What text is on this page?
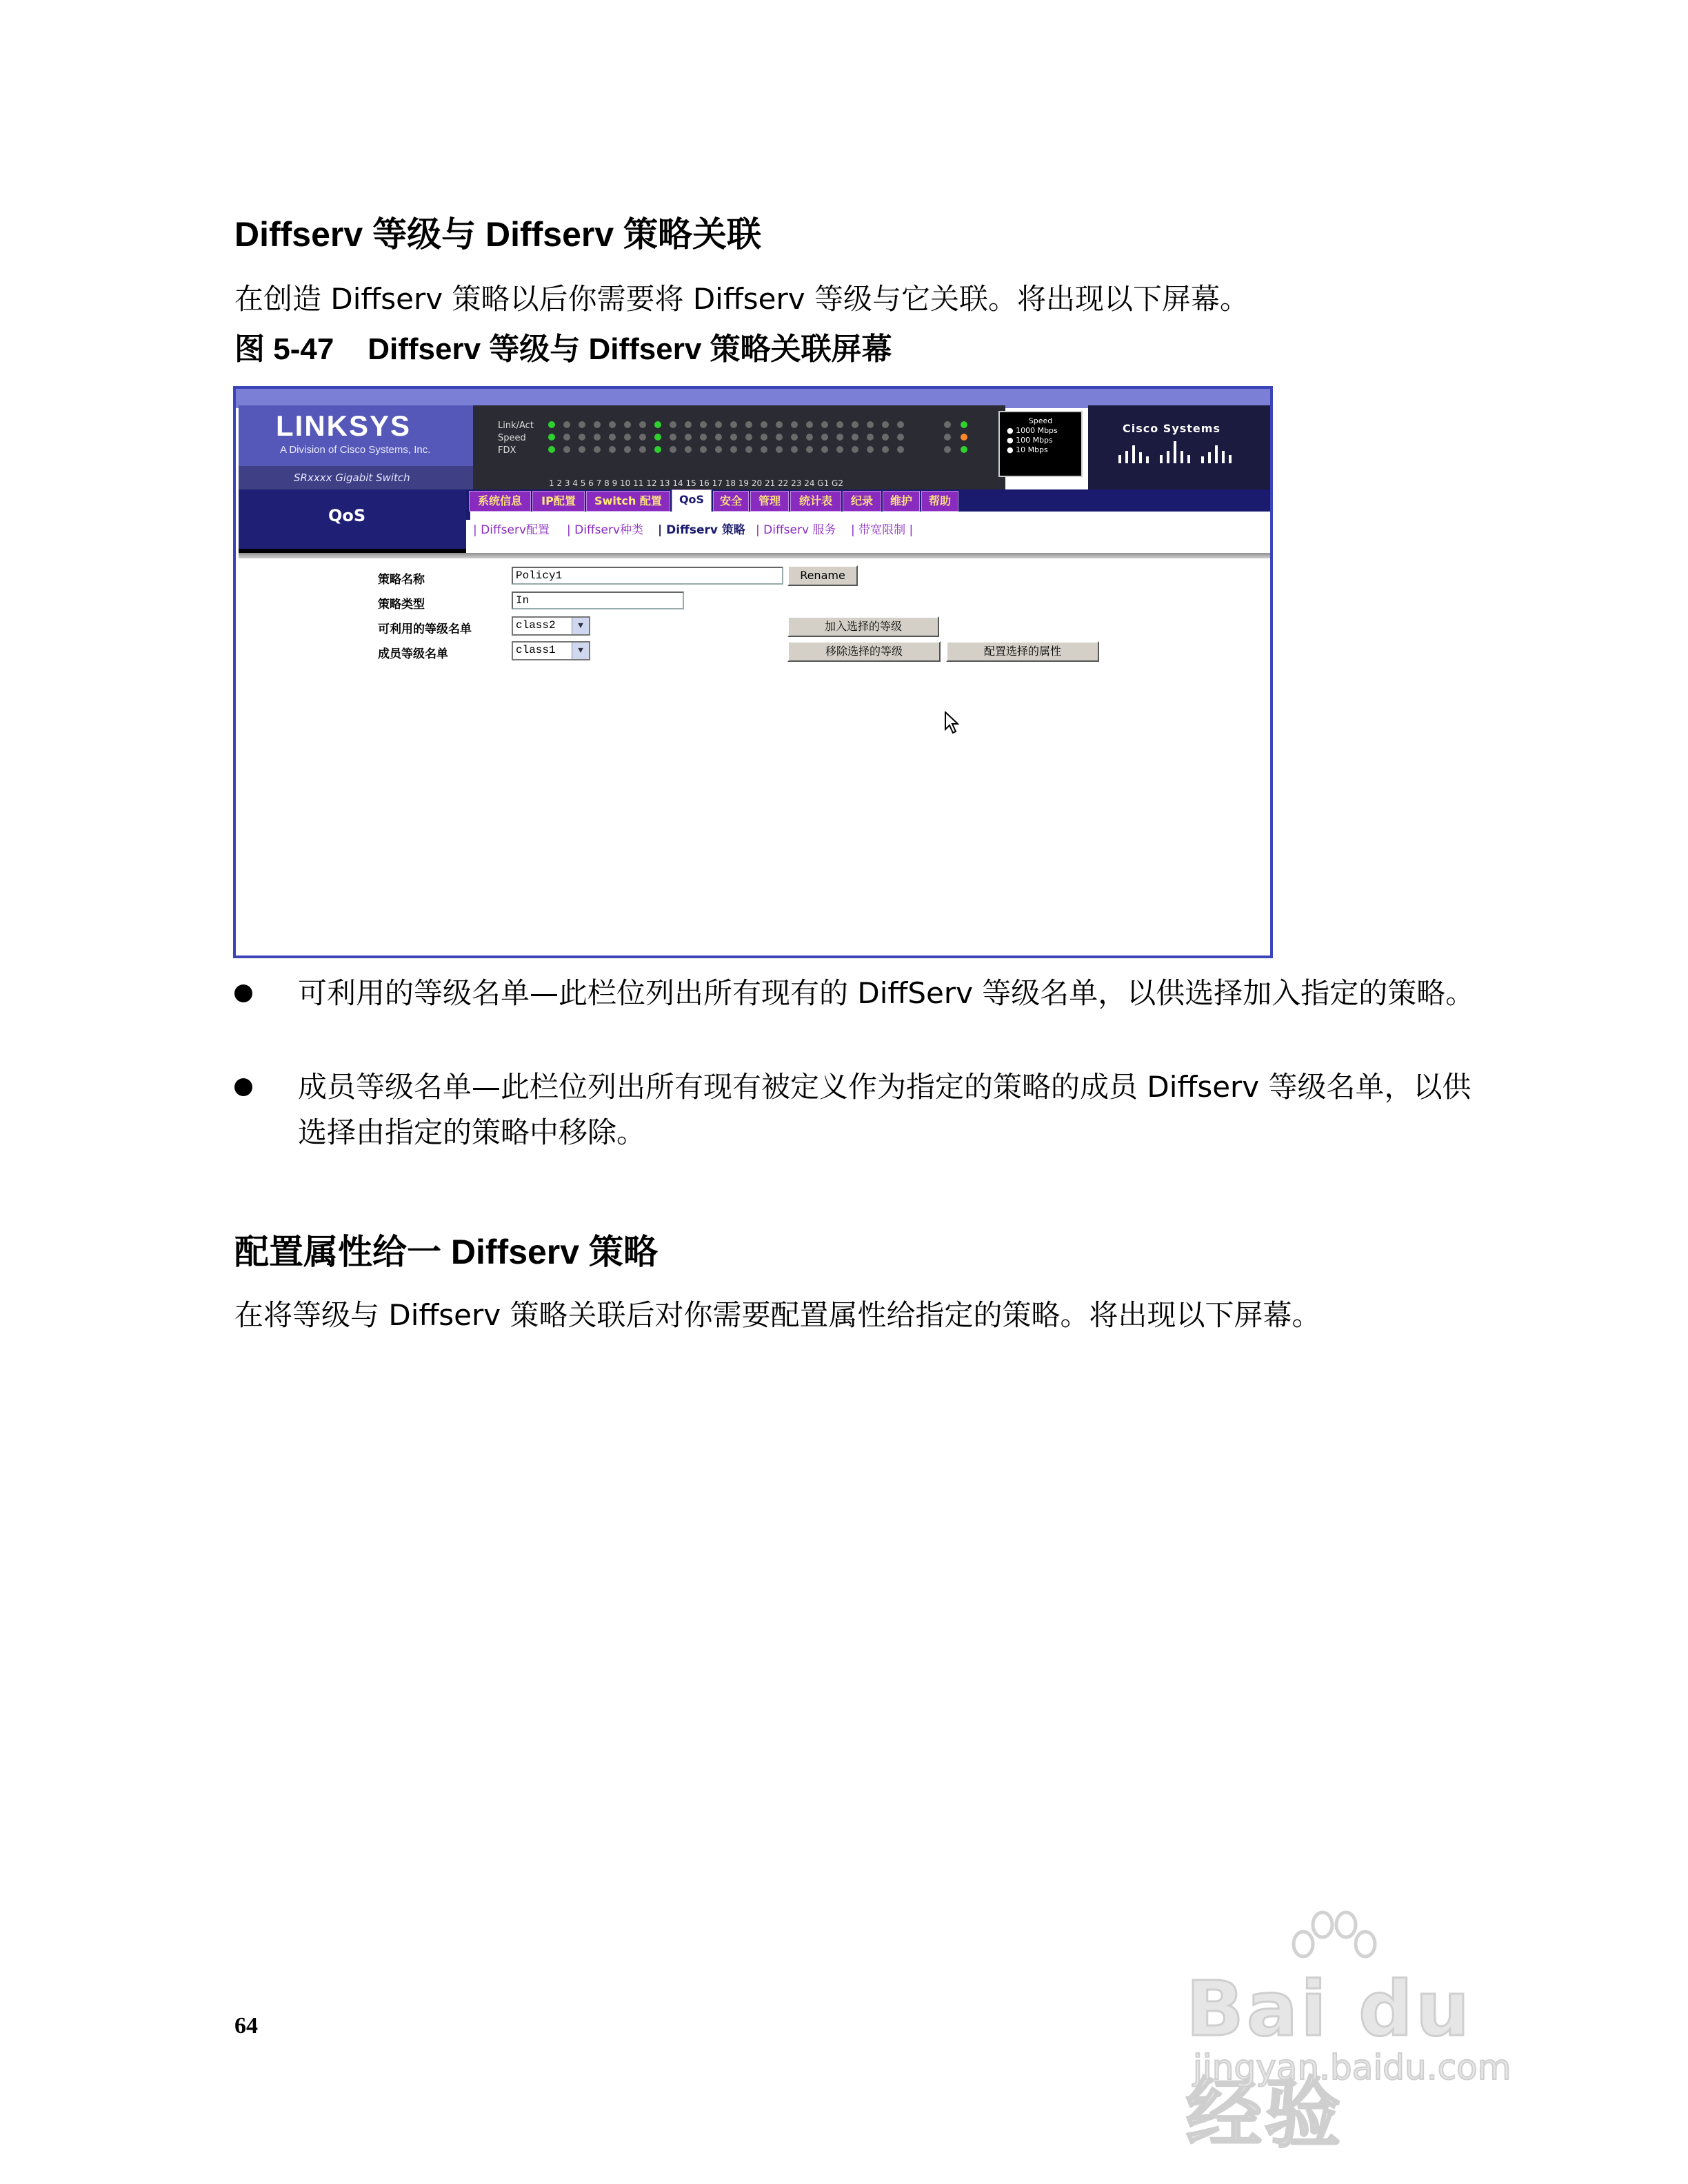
Diffserv 等级与 Diffserv 策略关联
在创造 Diffserv 策略以后你需要将 Diffserv 等级与它关联。将出现以下屏幕。
图 5-47 Diffserv 等级与 Diffserv 策略关联屏幕
LINKSYS
A Division of Cisco Systems, Inc.
SRxxxx Gigabit Switch
Link/Act
Speed
FDX
1 2 3 4 5 6 7 8 9 10 11 12 13 14 15 16 17 18 19 20 21 22 23 24 G1 G2
Speed
● 1000 Mbps
● 100 Mbps
● 10 Mbps
Cisco Systems
QoS
系统信息	IP配置	Switch 配置	QoS	安全	管理	统计表	纪录	维护	帮助
| Diffserv配置 | Diffserv种类 | Diffserv 策略 | Diffserv 服务 | 带宽限制 |
策略名称	Policy1	Rename
策略类型	In
可利用的等级名单	class2	▼	加入选择的等级
成员等级名单	class1	▼	移除选择的等级	配置选择的属性
可利用的等级名单—此栏位列出所有现有的 DiffServ 等级名单，以供选择加入指定的策略。
成员等级名单—此栏位列出所有现有被定义作为指定的策略的成员 Diffserv 等级名单，以供选择由指定的策略中移除。
配置属性给一 Diffserv 策略
在将等级与 Diffserv 策略关联后对你需要配置属性给指定的策略。将出现以下屏幕。
64	Bai du 经验
jingyan.baidu.com
